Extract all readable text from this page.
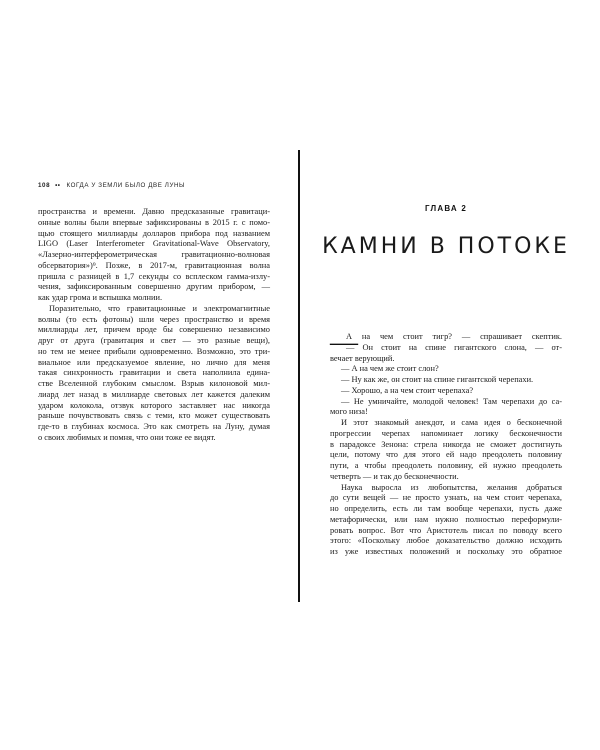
108 •• КОГДА У ЗЕМЛИ БЫЛО ДВЕ ЛУНЫ
пространства и времени. Давно предсказанные гравитаци-
онные волны были впервые зафиксированы в 2015 г. с помо-
щью стоящего миллиарды долларов прибора под названием
LIGO (Laser Interferometer Gravitational-Wave Observatory,
«Лазерно-интерферометрическая гравитационно-волновая
обсерватория»)⁹. Позже, в 2017-м, гравитационная волна
пришла с разницей в 1,7 секунды со всплеском гамма-излу-
чения, зафиксированным совершенно другим прибором, —
как удар грома и вспышка молнии.
Поразительно, что гравитационные и электромагнитные
волны (то есть фотоны) шли через пространство и время
миллиарды лет, причем вроде бы совершенно независимо
друг от друга (гравитация и свет — это разные вещи),
но тем не менее прибыли одновременно. Возможно, это три-
виальное или предсказуемое явление, но лично для меня
такая синхронность гравитации и света наполнила едина-
стве Вселенной глубоким смыслом. Взрыв килоновой мил-
лиард лет назад в миллиарде световых лет кажется далеким
ударом колокола, отзвук которого заставляет нас никогда
раньше почувствовать связь с теми, кто может существовать
где-то в глубинах космоса. Это как смотреть на Луну, думая
о своих любимых и помня, что они тоже ее видят.
ГЛАВА 2
КАМНИ В ПОТОКЕ
—
А на чем стоит тигр? — спрашивает скептик.
— Он стоит на спине гигантского слона, — от-
вечает верующий.
— А на чем же стоит слон?
— Ну как же, он стоит на спине гигантской черепахи.
— Хорошо, а на чем стоит черепаха?
— Не умничайте, молодой человек! Там черепахи до са-
мого низа!
И этот знакомый анекдот, и сама идея о бесконечной
прогрессии черепах напоминает логику бесконечности
в парадоксе Зенона: стрела никогда не сможет достигнуть
цели, потому что для этого ей надо преодолеть половину
пути, а чтобы преодолеть половину, ей нужно преодолеть
четверть — и так до бесконечности.
Наука выросла из любопытства, желания добраться
до сути вещей — не просто узнать, на чем стоит черепаха,
но определить, есть ли там вообще черепахи, пусть даже
метафорически, или нам нужно полностью переформули-
ровать вопрос. Вот что Аристотель писал по поводу всего
этого: «Поскольку любое доказательство должно исходить
из уже известных положений и поскольку это обратное
